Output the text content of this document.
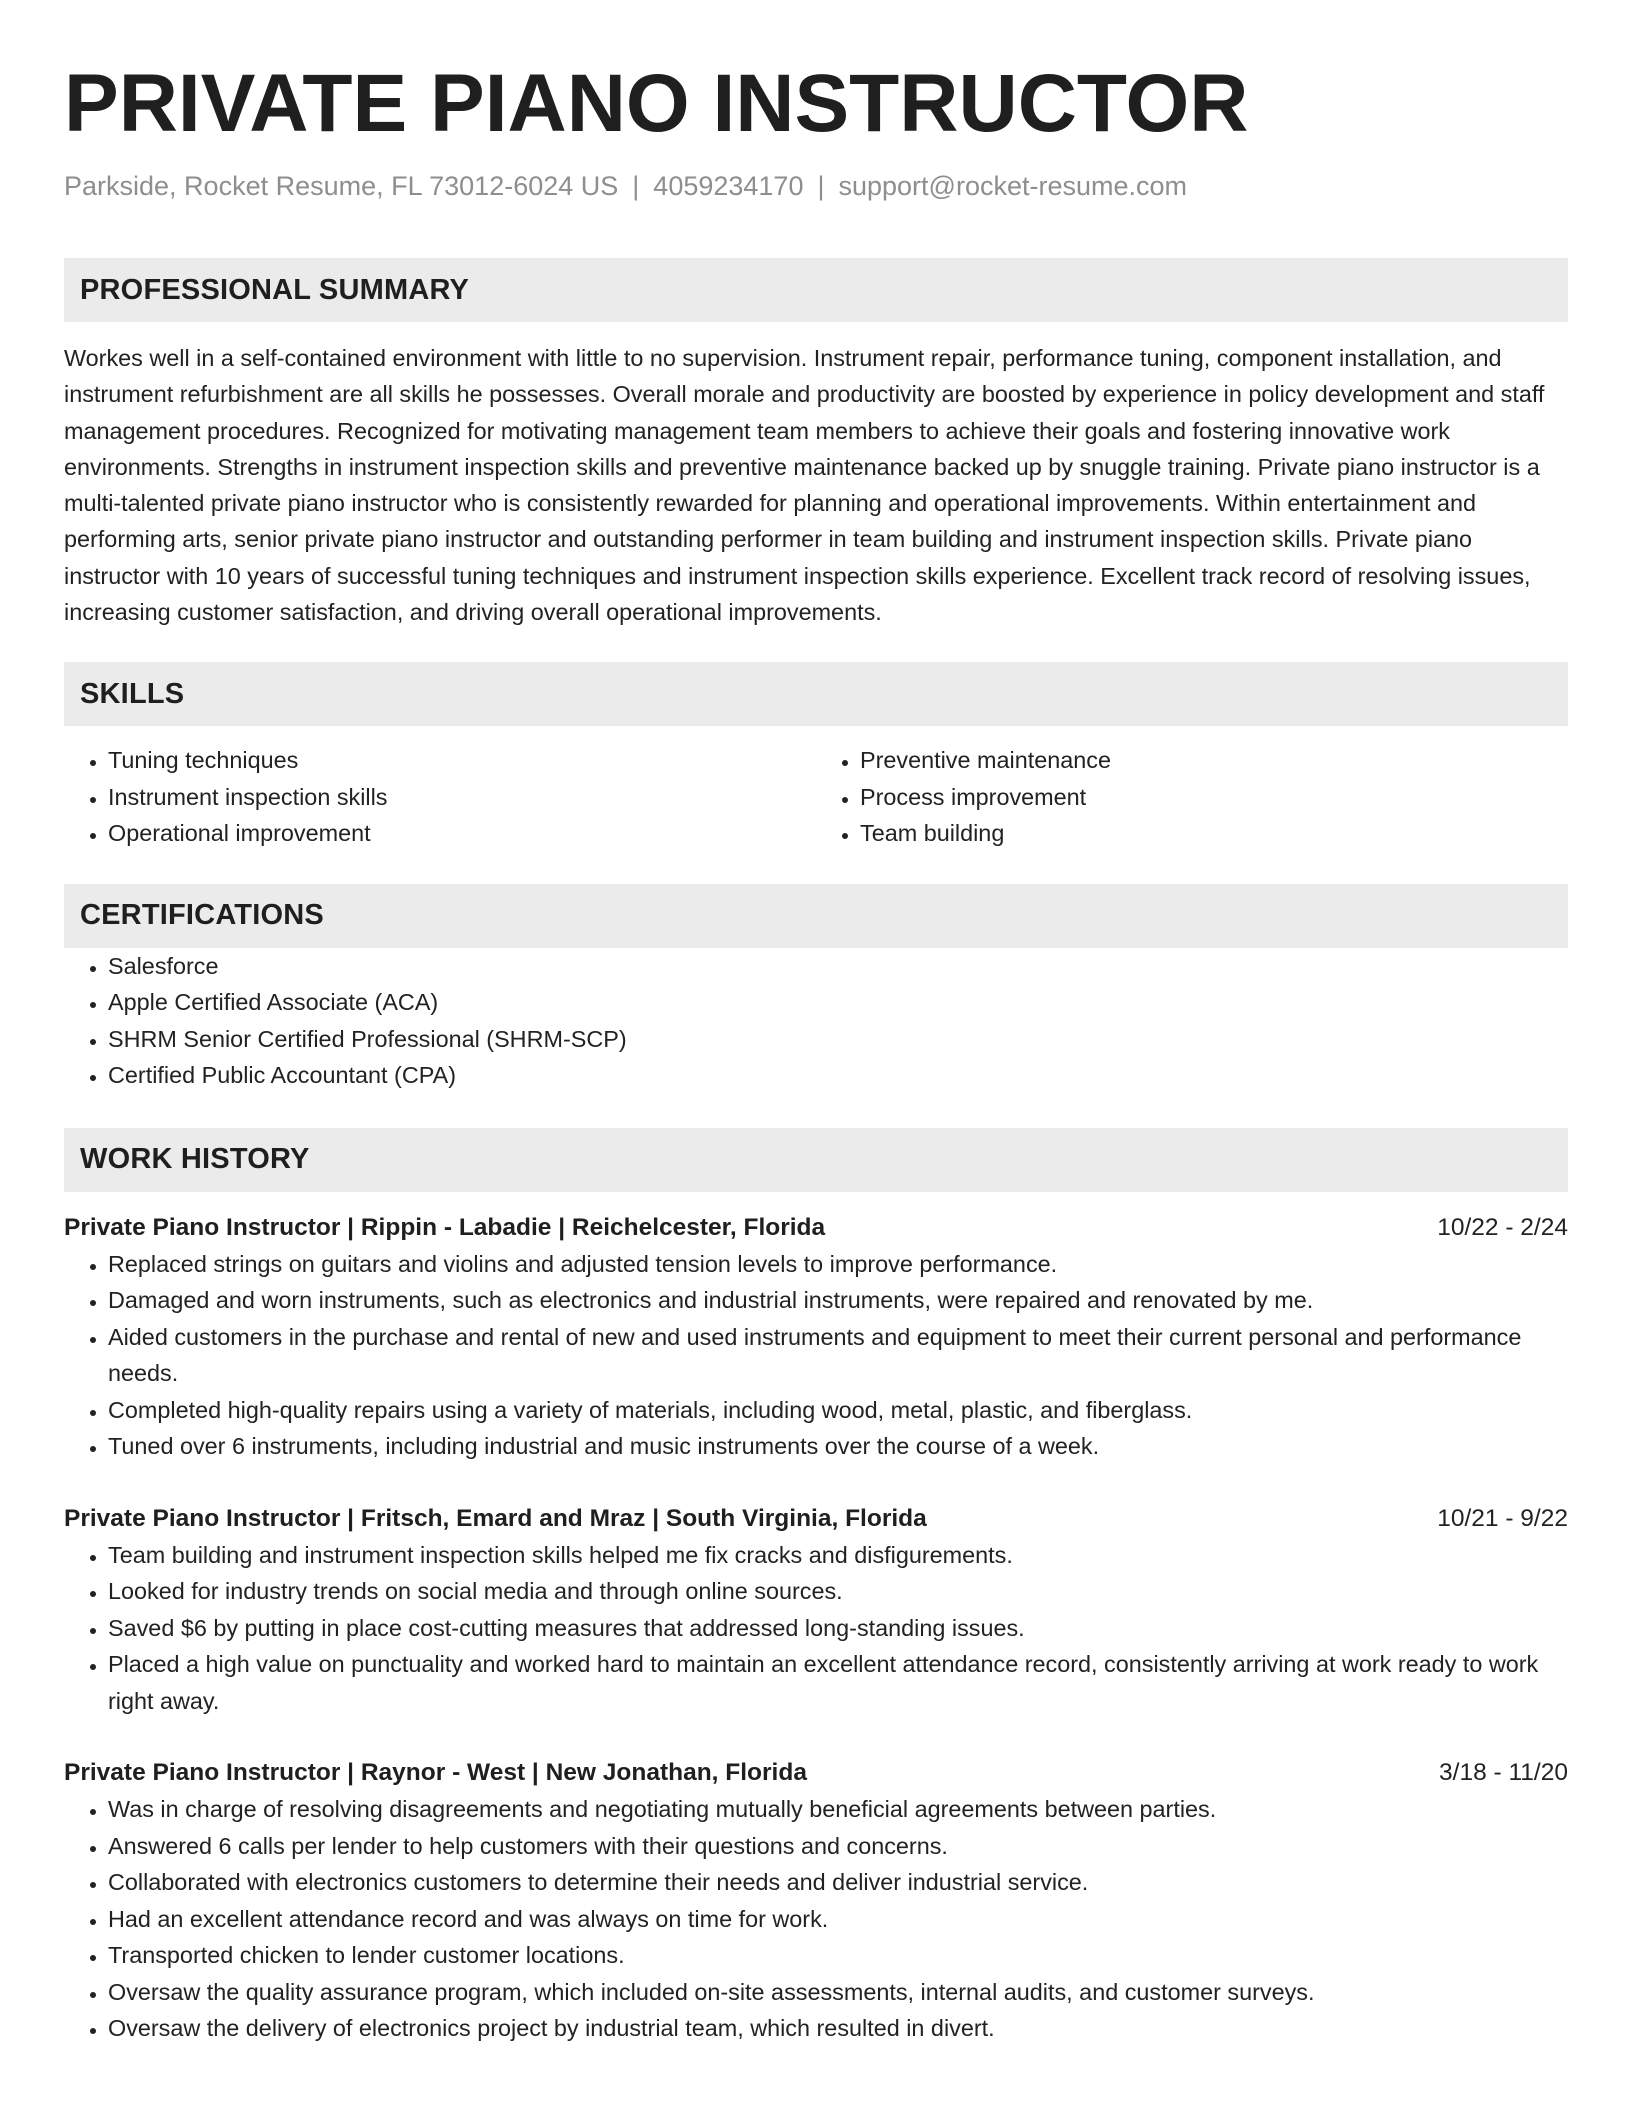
PRIVATE PIANO INSTRUCTOR
Parkside, Rocket Resume, FL 73012-6024 US | 4059234170 | support@rocket-resume.com
PROFESSIONAL SUMMARY

Workes well in a self-contained environment with little to no supervision. Instrument repair, performance tuning, component installation, and instrument refurbishment are all skills he possesses. Overall morale and productivity are boosted by experience in policy development and staff management procedures. Recognized for motivating management team members to achieve their goals and fostering innovative work environments. Strengths in instrument inspection skills and preventive maintenance backed up by snuggle training. Private piano instructor is a multi-talented private piano instructor who is consistently rewarded for planning and operational improvements. Within entertainment and performing arts, senior private piano instructor and outstanding performer in team building and instrument inspection skills. Private piano instructor with 10 years of successful tuning techniques and instrument inspection skills experience. Excellent track record of resolving issues, increasing customer satisfaction, and driving overall operational improvements.

SKILLS
• Tuning techniques
• Instrument inspection skills
• Operational improvement
• Preventive maintenance
• Process improvement
• Team building
CERTIFICATIONS
• Salesforce
• Apple Certified Associate (ACA)
• SHRM Senior Certified Professional (SHRM-SCP)
• Certified Public Accountant (CPA)
WORK HISTORY
Private Piano Instructor | Rippin - Labadie | Reichelcester, Florida	10/22 - 2/24
• Replaced strings on guitars and violins and adjusted tension levels to improve performance.
• Damaged and worn instruments, such as electronics and industrial instruments, were repaired and renovated by me.
• Aided customers in the purchase and rental of new and used instruments and equipment to meet their current personal and performance needs.
• Completed high-quality repairs using a variety of materials, including wood, metal, plastic, and fiberglass.
• Tuned over 6 instruments, including industrial and music instruments over the course of a week.
Private Piano Instructor | Fritsch, Emard and Mraz | South Virginia, Florida	10/21 - 9/22
• Team building and instrument inspection skills helped me fix cracks and disfigurements.
• Looked for industry trends on social media and through online sources.
• Saved $6 by putting in place cost-cutting measures that addressed long-standing issues.
• Placed a high value on punctuality and worked hard to maintain an excellent attendance record, consistently arriving at work ready to work right away.
Private Piano Instructor | Raynor - West | New Jonathan, Florida	3/18 - 11/20
• Was in charge of resolving disagreements and negotiating mutually beneficial agreements between parties.
• Answered 6 calls per lender to help customers with their questions and concerns.
• Collaborated with electronics customers to determine their needs and deliver industrial service.
• Had an excellent attendance record and was always on time for work.
• Transported chicken to lender customer locations.
• Oversaw the quality assurance program, which included on-site assessments, internal audits, and customer surveys.
• Oversaw the delivery of electronics project by industrial team, which resulted in divert.
